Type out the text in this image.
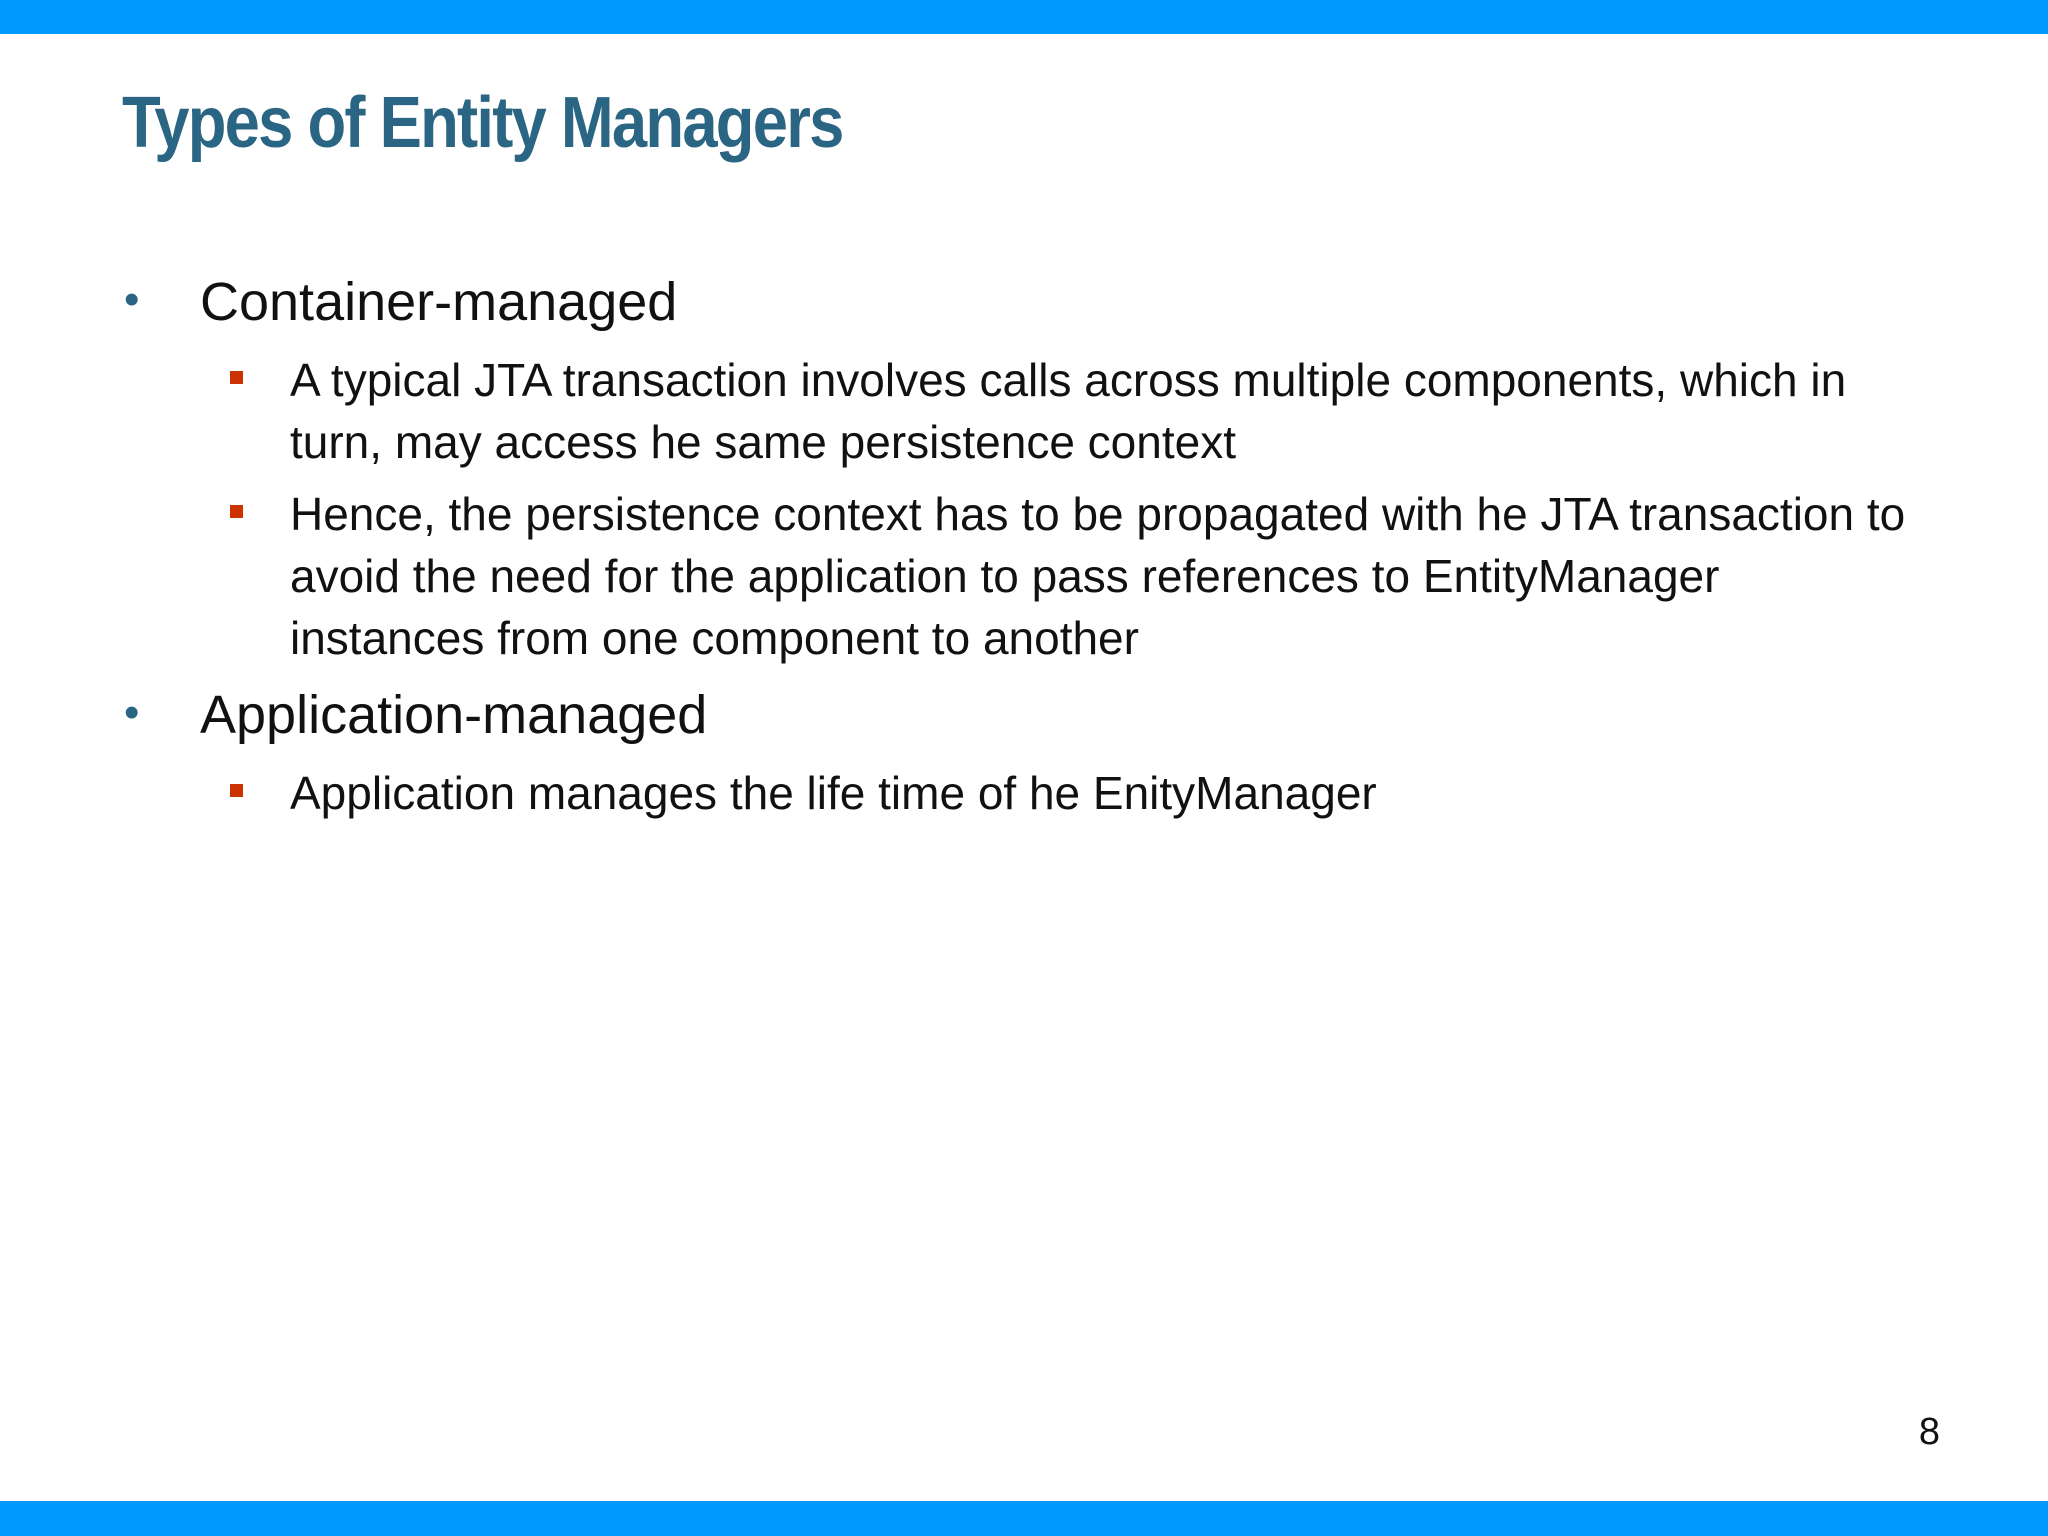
Types of Entity Managers
• Container-managed
A typical JTA transaction involves calls across multiple components, which in turn, may access he same persistence context
Hence, the persistence context has to be propagated with he JTA transaction to avoid the need for the application to pass references to EntityManager instances from one component to another
• Application-managed
Application manages the life time of he EnityManager
8
